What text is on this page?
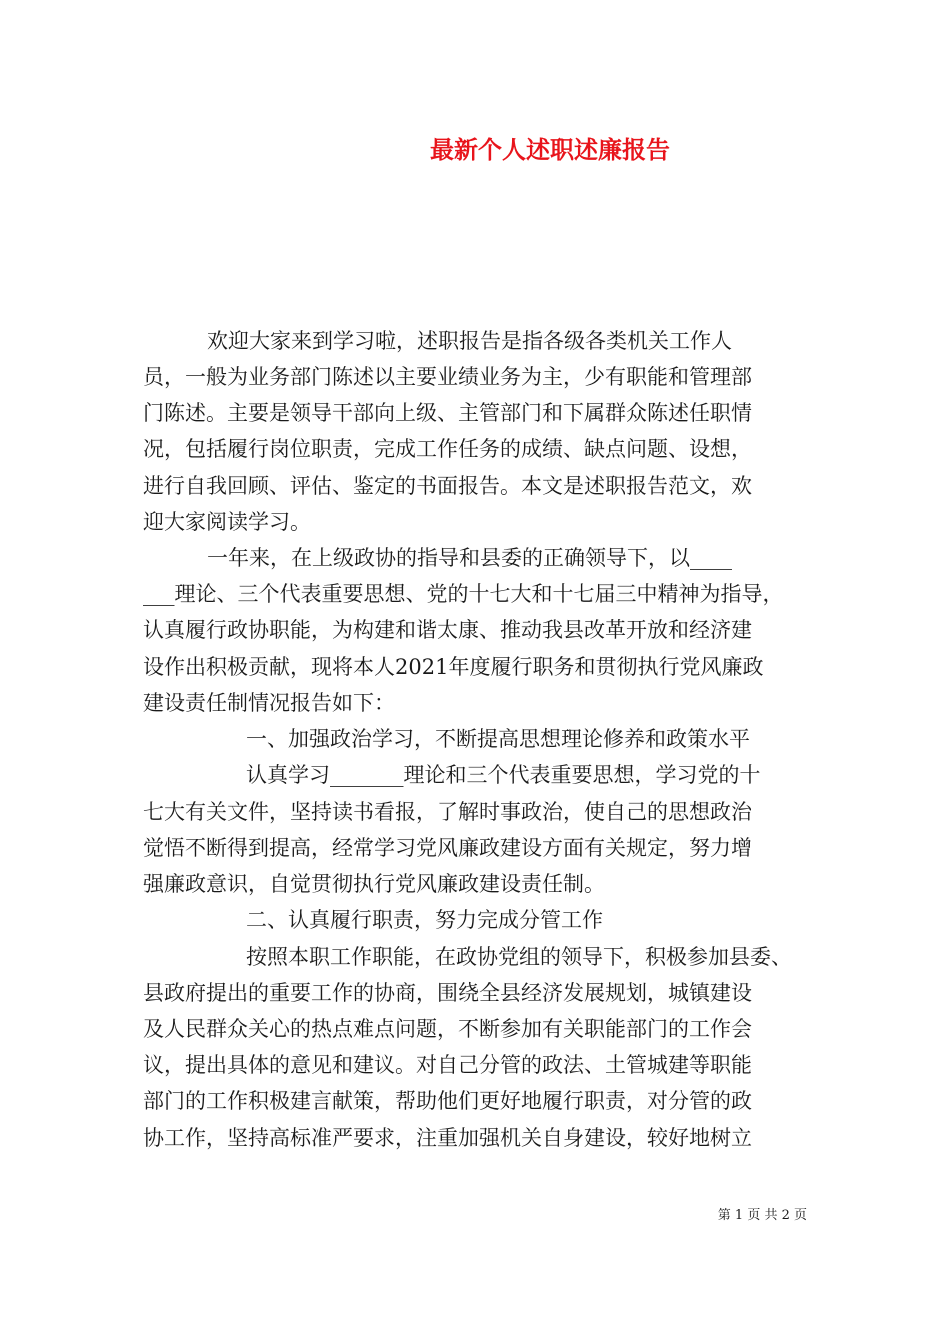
最新个人述职述廉报告

欢迎大家来到学习啦，述职报告是指各级各类机关工作人

员，一般为业务部门陈述以主要业绩业务为主，少有职能和管理部

门陈述。主要是领导干部向上级、主管部门和下属群众陈述任职情

况，包括履行岗位职责，完成工作任务的成绩、缺点问题、设想，

进行自我回顾、评估、鉴定的书面报告。本文是述职报告范文，欢

迎大家阅读学习。

一年来，在上级政协的指导和县委的正确领导下，以____

___理论、三个代表重要思想、党的十七大和十七届三中精神为指导，

认真履行政协职能，为构建和谐太康、推动我县改革开放和经济建

设作出积极贡献，现将本人2021年度履行职务和贯彻执行党风廉政

建设责任制情况报告如下：

一、加强政治学习，不断提高思想理论修养和政策水平

认真学习_______理论和三个代表重要思想，学习党的十

七大有关文件，坚持读书看报，了解时事政治，使自己的思想政治

觉悟不断得到提高，经常学习党风廉政建设方面有关规定，努力增

强廉政意识，自觉贯彻执行党风廉政建设责任制。

二、认真履行职责，努力完成分管工作

按照本职工作职能，在政协党组的领导下，积极参加县委、

县政府提出的重要工作的协商，围绕全县经济发展规划，城镇建设

及人民群众关心的热点难点问题，不断参加有关职能部门的工作会

议，提出具体的意见和建议。对自己分管的政法、土管城建等职能

部门的工作积极建言献策，帮助他们更好地履行职责，对分管的政

协工作，坚持高标准严要求，注重加强机关自身建设，较好地树立

第 1 页 共 2 页
